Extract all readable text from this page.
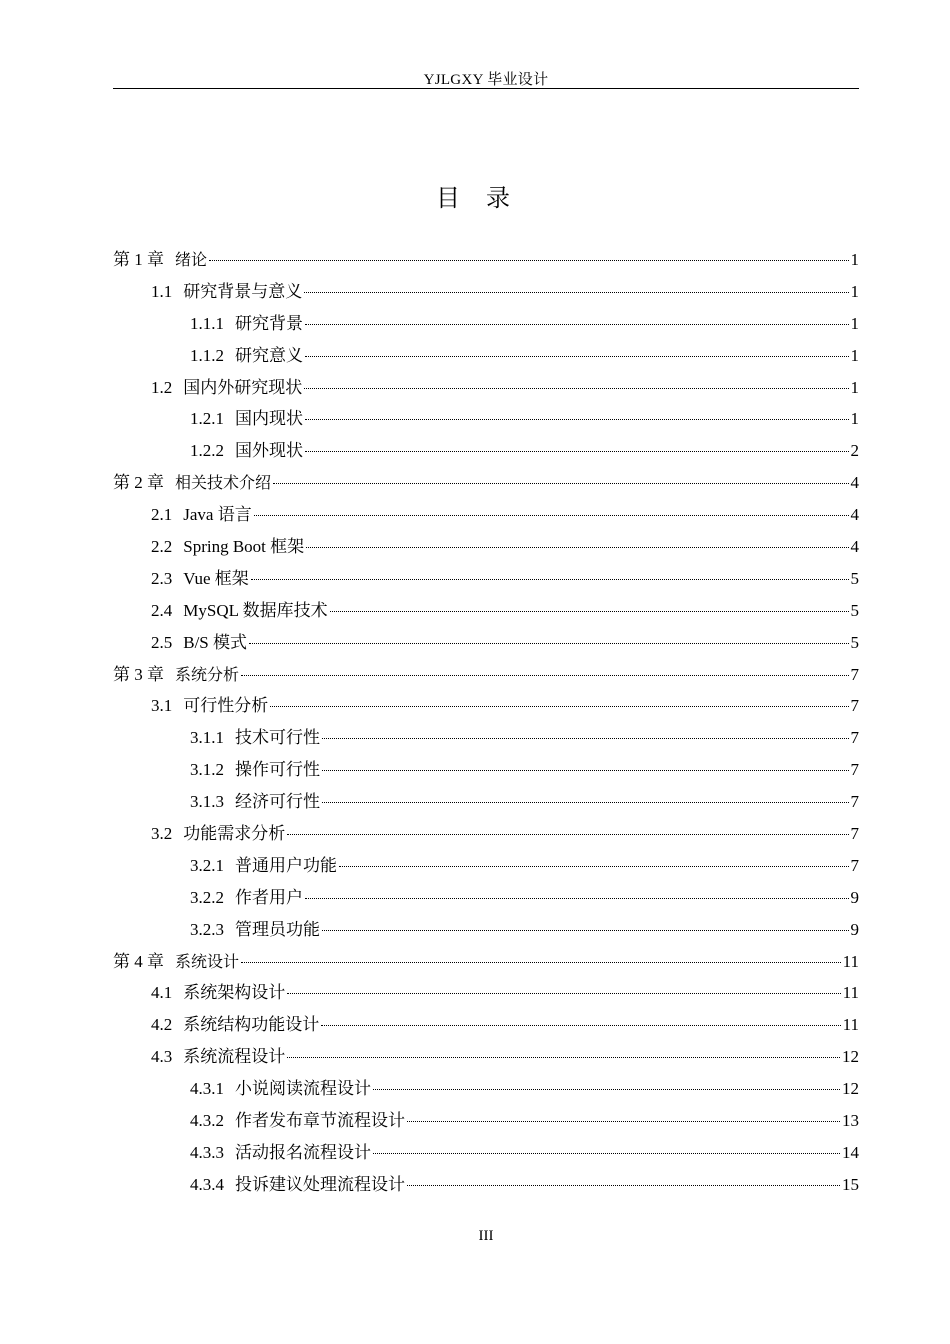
YJLGXY 毕业设计
目录
第 1 章 绪论	1
1.1 研究背景与意义	1
1.1.1 研究背景	1
1.1.2 研究意义	1
1.2 国内外研究现状	1
1.2.1 国内现状	1
1.2.2 国外现状	2
第 2 章 相关技术介绍	4
2.1 Java 语言	4
2.2 Spring Boot 框架	4
2.3 Vue 框架	5
2.4 MySQL 数据库技术	5
2.5 B/S 模式	5
第 3 章 系统分析	7
3.1 可行性分析	7
3.1.1 技术可行性	7
3.1.2 操作可行性	7
3.1.3 经济可行性	7
3.2 功能需求分析	7
3.2.1 普通用户功能	7
3.2.2 作者用户	9
3.2.3 管理员功能	9
第 4 章 系统设计	11
4.1 系统架构设计	11
4.2 系统结构功能设计	11
4.3 系统流程设计	12
4.3.1 小说阅读流程设计	12
4.3.2 作者发布章节流程设计	13
4.3.3 活动报名流程设计	14
4.3.4 投诉建议处理流程设计	15
III
